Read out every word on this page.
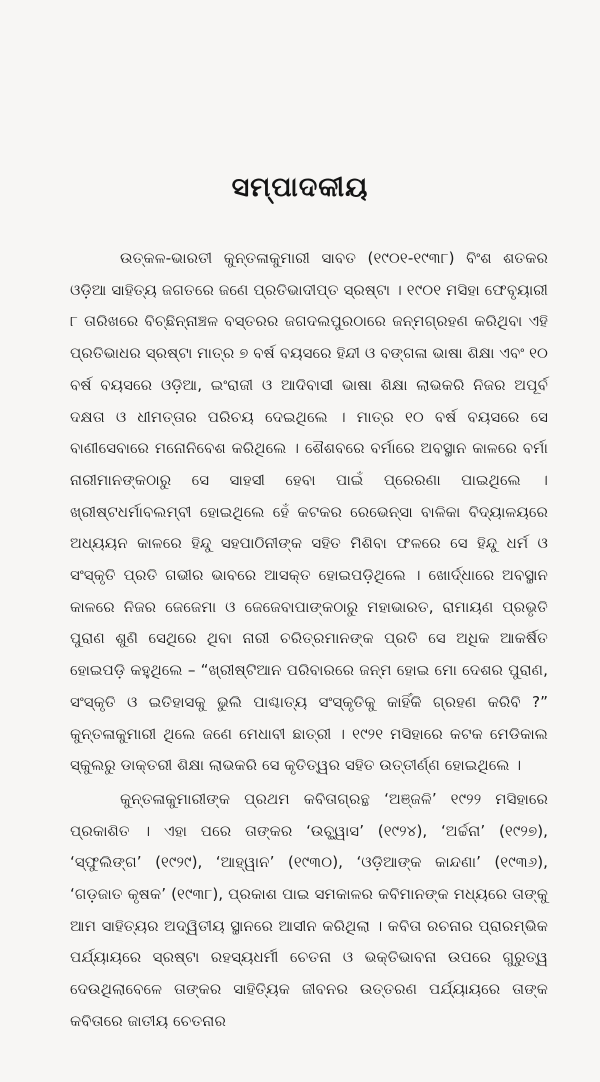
ସମ୍ପାଦକୀୟ

ଉତ୍କଳ-ଭାରତୀ କୁନ୍ତଳାକୁମାରୀ ସାବତ (୧୯୦୧-୧୯୩୮) ବିଂଶ ଶତକର ଓଡ଼ିଆ ସାହିତ୍ୟ ଜଗତରେ ଜଣେ ପ୍ରତିଭାଦୀପ୍ତ ସ୍ରଷ୍ଟା । ୧୯୦୧ ମସିହା ଫେବୃୟାରୀ ୮ ତାରିଖରେ ବିଚ୍ଛିନ୍ନାଞ୍ଚଳ ବସ୍ତରର ଜଗଦଲପୁରଠାରେ ଜନ୍ମଗ୍ରହଣ କରିଥିବା ଏହି ପ୍ରତିଭାଧର ସ୍ରଷ୍ଟା ମାତ୍ର ୭ ବର୍ଷ ବୟସରେ ହିନ୍ଦୀ ଓ ବଙ୍ଗଳା ଭାଷା ଶିକ୍ଷା ଏବଂ ୧୦ ବର୍ଷ ବୟସରେ ଓଡ଼ିଆ, ଇଂରାଜୀ ଓ ଆଦିବାସୀ ଭାଷା ଶିକ୍ଷା ଲାଭକରି ନିଜର ଅପୂର୍ବ ଦକ୍ଷତା ଓ ଧୀମତ୍ତାର ପରିଚୟ ଦେଇଥିଲେ । ମାତ୍ର ୧୦ ବର୍ଷ ବୟସରେ ସେ ବାଣୀସେବାରେ ମନୋନିବେଶ କରିଥିଲେ । ଶୈଶବରେ ବର୍ମାରେ ଅବସ୍ଥାନ କାଳରେ ବର୍ମା ନାରୀମାନଙ୍କଠାରୁ ସେ ସାହସୀ ହେବା ପାଇଁ ପ୍ରେରଣା ପାଇଥିଲେ । ଖ୍ରୀଷ୍ଟଧର୍ମାବଲମ୍ବୀ ହୋଇଥିଲେ ହେଁ କଟକର ରେଭେନ୍‌ସା ବାଳିକା ବିଦ୍ୟାଳୟରେ ଅଧ୍ୟୟନ କାଳରେ ହିନ୍ଦୁ ସହପାଠିନୀଙ୍କ ସହିତ ମିଶିବା ଫଳରେ ସେ ହିନ୍ଦୁ ଧର୍ମ ଓ ସଂସ୍କୃତି ପ୍ରତି ଗଭୀର ଭାବରେ ଆସକ୍ତ ହୋଇପଡ଼ିଥିଲେ । ଖୋର୍ଦ୍ଧାରେ ଅବସ୍ଥାନ କାଳରେ ନିଜର ଜେଜେମା ଓ ଜେଜେବାପାଙ୍କଠାରୁ ମହାଭାରତ, ରାମାୟଣ ପ୍ରଭୃତି ପୁରାଣ ଶୁଣି ସେଥିରେ ଥିବା ନାରୀ ଚରିତ୍ରମାନଙ୍କ ପ୍ରତି ସେ ଅଧିକ ଆକର୍ଷିତ ହୋଇପଡ଼ି କହୁଥିଲେ – “ଖ୍ରୀଷ୍ଟିଆନ ପରିବାରରେ ଜନ୍ମ ହୋଇ ମୋ ଦେଶର ପୁରାଣ, ସଂସ୍କୃତି ଓ ଇତିହାସକୁ ଭୁଲି ପାଶ୍ଚାତ୍ୟ ସଂସ୍କୃତିକୁ କାହିଁକି ଗ୍ରହଣ କରିବି ?” କୁନ୍ତଳାକୁମାରୀ ଥିଲେ ଜଣେ ମେଧାବୀ ଛାତ୍ରୀ । ୧୯୨୧ ମସିହାରେ କଟକ ମେଡିକାଲ ସ୍କୁଲରୁ ଡାକ୍ତରୀ ଶିକ୍ଷା ଲାଭକରି ସେ କୃତିତ୍ୱର ସହିତ ଉତ୍ତୀର୍ଣ୍ଣ ହୋଇଥିଲେ ।

କୁନ୍ତଳାକୁମାରୀଙ୍କ ପ୍ରଥମ କବିତାଗ୍ରନ୍ଥ ‘ଅଞ୍ଜଳି’ ୧୯୨୨ ମସିହାରେ ପ୍ରକାଶିତ । ଏହା ପରେ ତାଙ୍କର ‘ଉଚ୍ଛ୍ୱାସ’ (୧୯୨୪), ‘ଅର୍ଚ୍ଚନା’ (୧୯୨୭), ‘ସ୍ଫୁଲିଙ୍ଗ’ (୧୯୨୯), ‘ଆହ୍ୱାନ’ (୧୯୩୦), ‘ଓଡ଼ିଆଙ୍କ କାନ୍ଦଣା’ (୧୯୩୬), ‘ଗଡ଼ଜାତ କୃଷକ’ (୧୯୩୮), ପ୍ରକାଶ ପାଇ ସମକାଳର କବିମାନଙ୍କ ମଧ୍ୟରେ ତାଙ୍କୁ ଆମ ସାହିତ୍ୟର ଅଦ୍ୱିତୀୟ ସ୍ଥାନରେ ଆସୀନ କରିଥିଲା । କବିତା ରଚନାର ପ୍ରାରମ୍ଭିକ ପର୍ଯ୍ୟାୟରେ ସ୍ରଷ୍ଟା ରହସ୍ୟଧର୍ମୀ ଚେତନା ଓ ଭକ୍ତିଭାବନା ଉପରେ ଗୁରୁତ୍ୱ ଦେଉଥିଲାବେଳେ ତାଙ୍କର ସାହିତ୍ୟିକ ଜୀବନର ଉତ୍ତରଣ ପର୍ଯ୍ୟାୟରେ ତାଙ୍କ କବିତାରେ ଜାତୀୟ ଚେତନାର
